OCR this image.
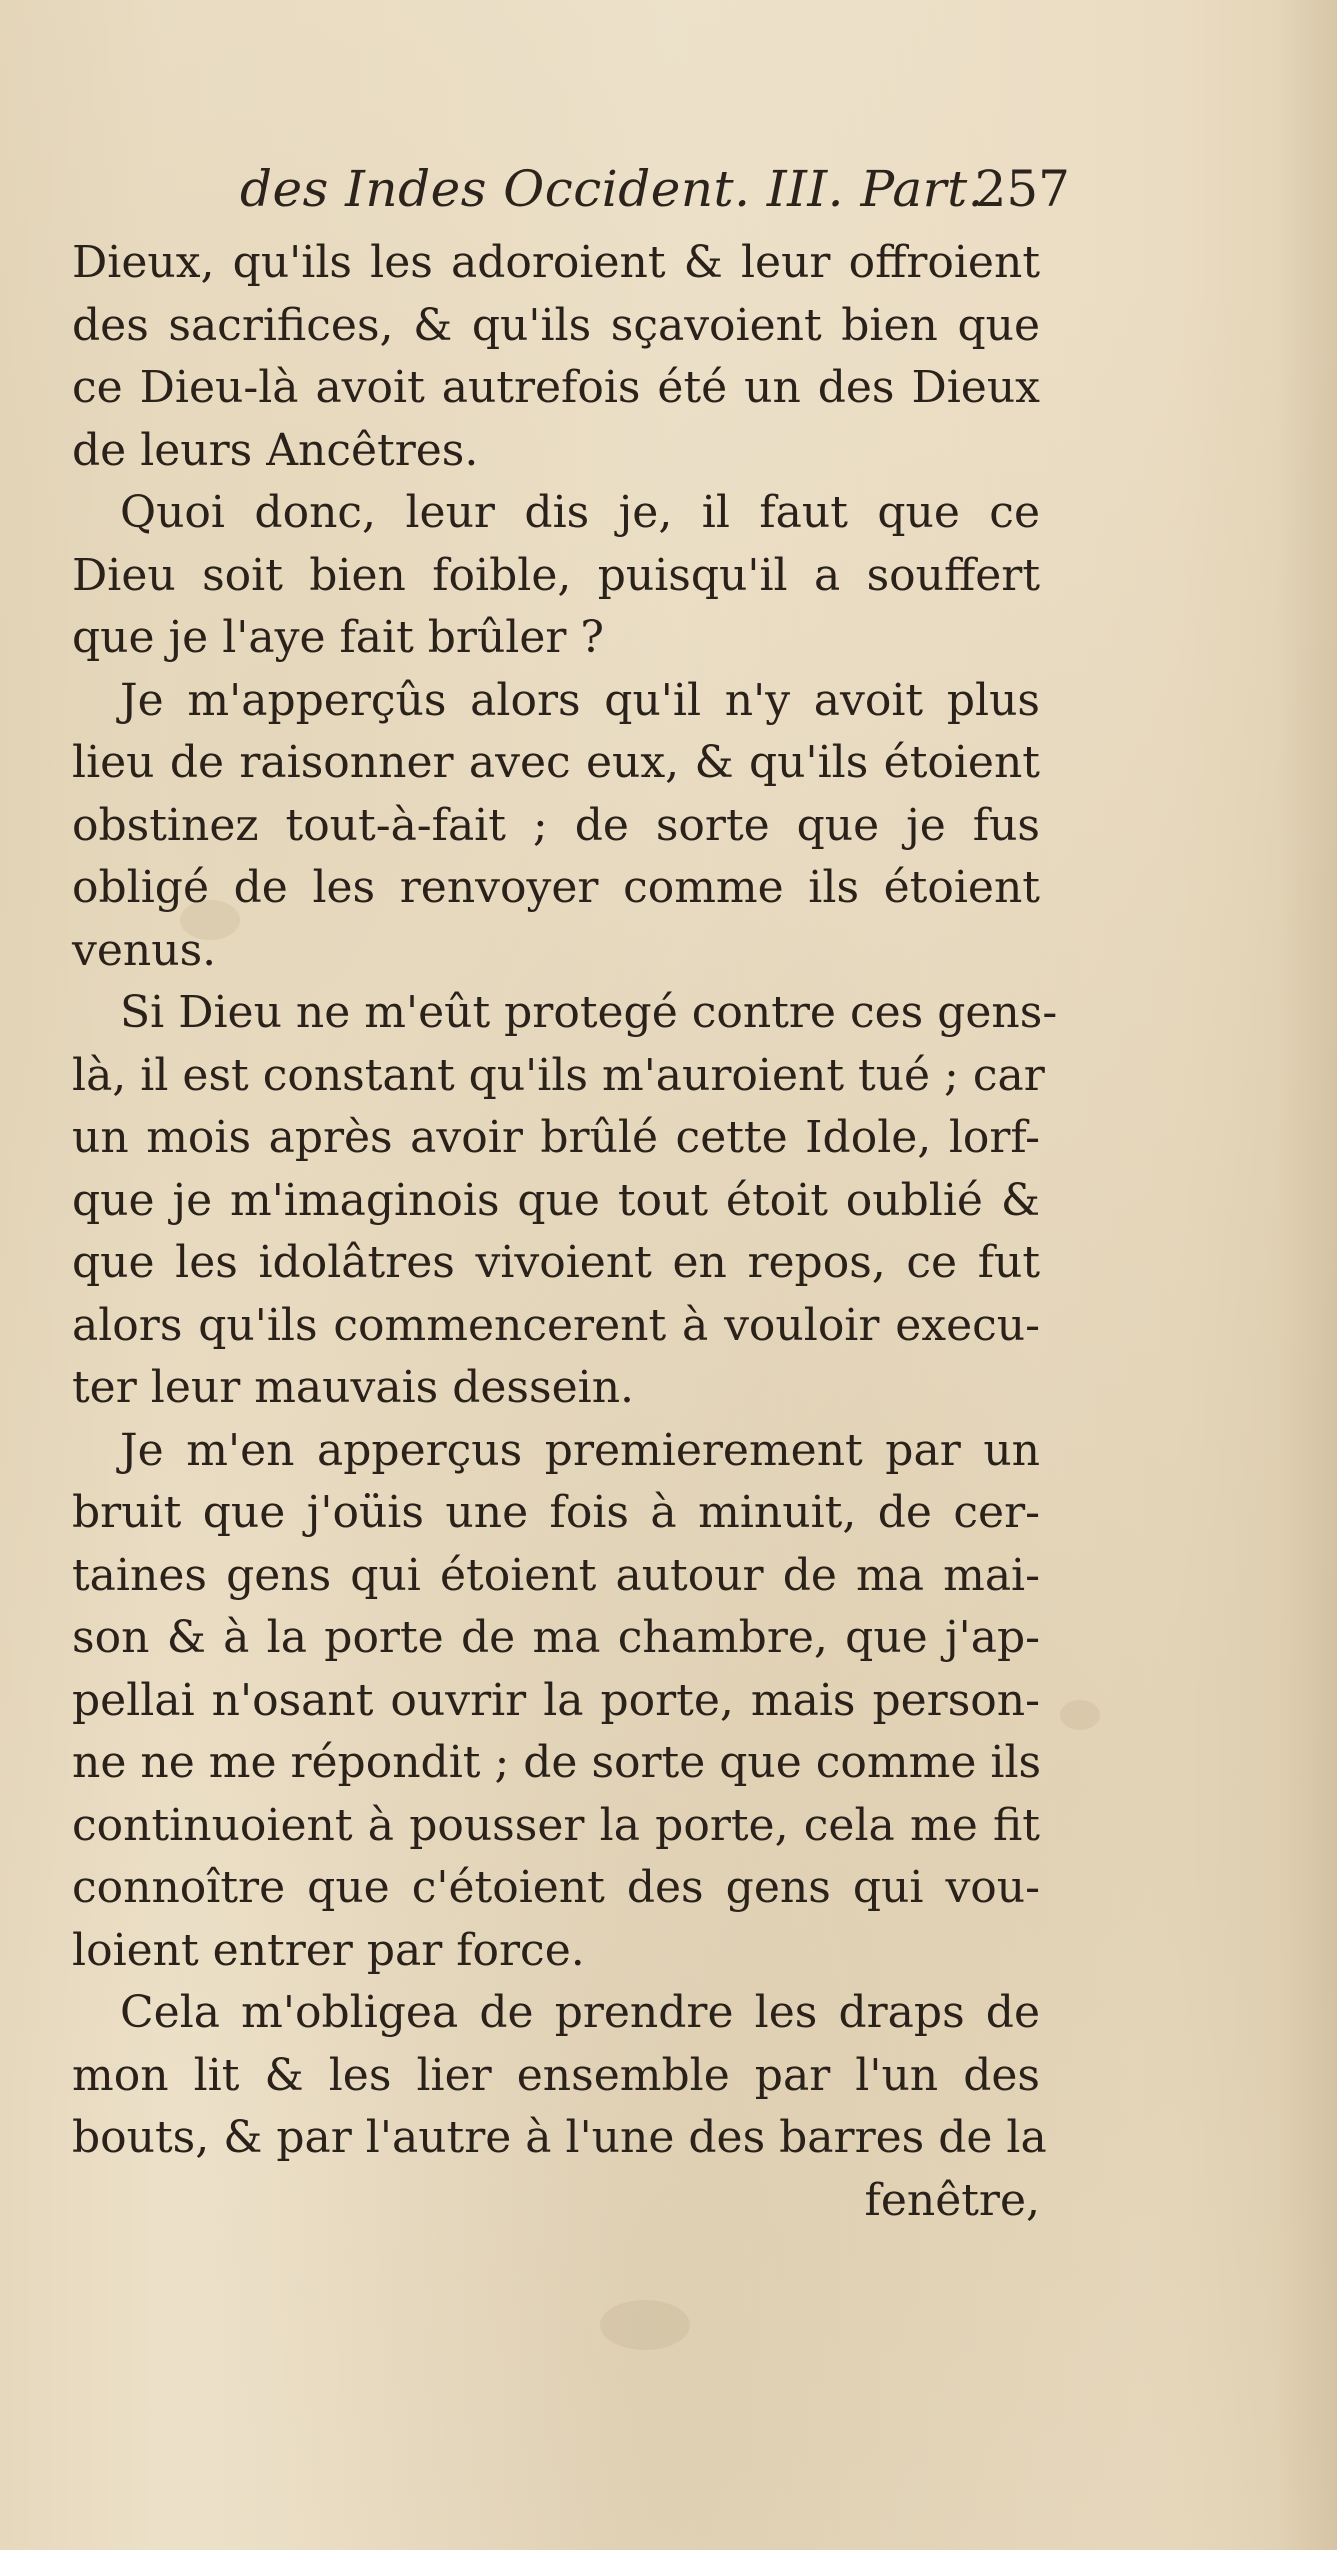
des Indes Occident. III. Part.
257
Dieux, qu'ils les adoroient & leur offroient
des sacrifices, & qu'ils sçavoient bien que
ce Dieu-là avoit autrefois été un des Dieux
de leurs Ancêtres.
Quoi donc, leur dis je, il faut que ce
Dieu soit bien foible, puisqu'il a souffert
que je l'aye fait brûler ?
Je m'apperçûs alors qu'il n'y avoit plus
lieu de raisonner avec eux, & qu'ils étoient
obstinez tout-à-fait ; de sorte que je fus
obligé de les renvoyer comme ils étoient
venus.
Si Dieu ne m'eût protegé contre ces gens-
là, il est constant qu'ils m'auroient tué ; car
un mois après avoir brûlé cette Idole, lorf-
que je m'imaginois que tout étoit oublié &
que les idolâtres vivoient en repos, ce fut
alors qu'ils commencerent à vouloir execu-
ter leur mauvais dessein.
Je m'en apperçus premierement par un
bruit que j'oüis une fois à minuit, de cer-
taines gens qui étoient autour de ma mai-
son & à la porte de ma chambre, que j'ap-
pellai n'osant ouvrir la porte, mais person-
ne ne me répondit ; de sorte que comme ils
continuoient à pousser la porte, cela me fit
connoître que c'étoient des gens qui vou-
loient entrer par force.
Cela m'obligea de prendre les draps de
mon lit & les lier ensemble par l'un des
bouts, & par l'autre à l'une des barres de la
fenêtre,
